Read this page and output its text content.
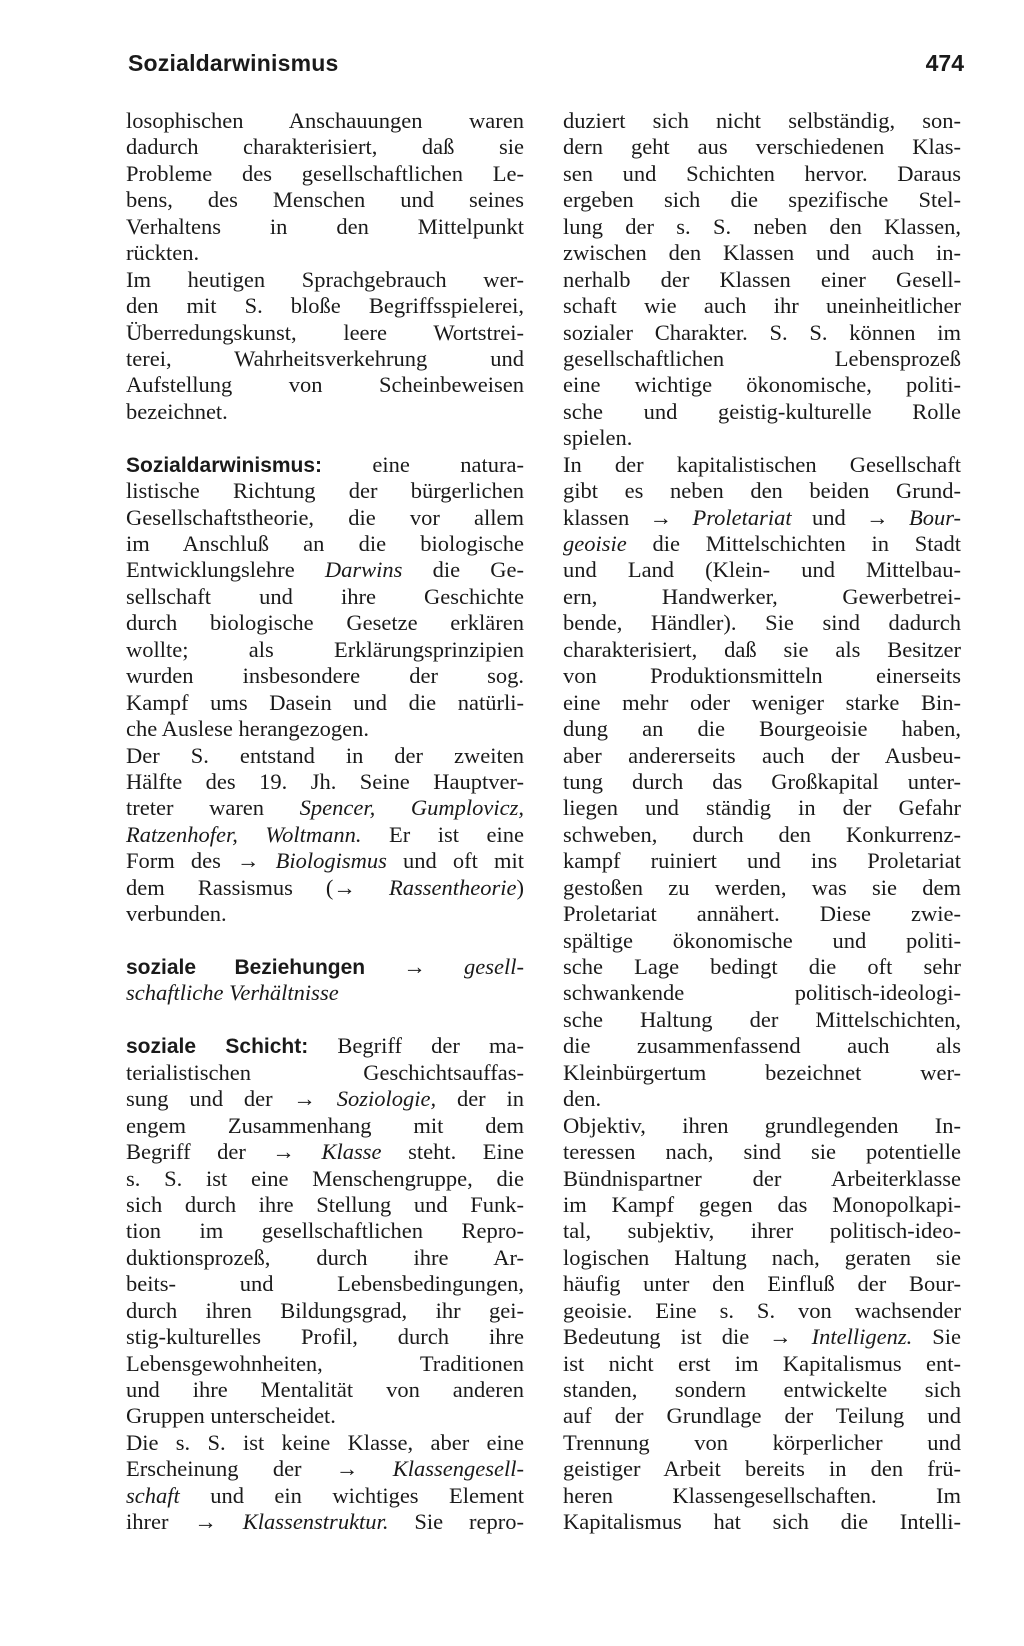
Sozialdarwinismus	474
losophischen Anschauungen waren
dadurch charakterisiert, daß sie
Probleme des gesellschaftlichen Le-
bens, des Menschen und seines
Verhaltens in den Mittelpunkt
rückten.
Im heutigen Sprachgebrauch wer-
den mit S. bloße Begriffsspielerei,
Überredungskunst, leere Wortstrei-
terei, Wahrheitsverkehrung und
Aufstellung von Scheinbeweisen
bezeichnet.
Sozialdarwinismus: eine natura-
listische Richtung der bürgerlichen
Gesellschaftstheorie, die vor allem
im Anschluß an die biologische
Entwicklungslehre Darwins die Ge-
sellschaft und ihre Geschichte
durch biologische Gesetze erklären
wollte; als Erklärungsprinzipien
wurden insbesondere der sog.
Kampf ums Dasein und die natürli-
che Auslese herangezogen.
Der S. entstand in der zweiten
Hälfte des 19. Jh. Seine Hauptver-
treter waren Spencer, Gumplovicz,
Ratzenhofer, Woltmann. Er ist eine
Form des → Biologismus und oft mit
dem Rassismus (→ Rassentheorie)
verbunden.
soziale Beziehungen → gesell-
schaftliche Verhältnisse
soziale Schicht: Begriff der ma-
terialistischen Geschichtsauffas-
sung und der → Soziologie, der in
engem Zusammenhang mit dem
Begriff der → Klasse steht. Eine
s. S. ist eine Menschengruppe, die
sich durch ihre Stellung und Funk-
tion im gesellschaftlichen Repro-
duktionsprozeß, durch ihre Ar-
beits- und Lebensbedingungen,
durch ihren Bildungsgrad, ihr gei-
stig-kulturelles Profil, durch ihre
Lebensgewohnheiten, Traditionen
und ihre Mentalität von anderen
Gruppen unterscheidet.
Die s. S. ist keine Klasse, aber eine
Erscheinung der → Klassengesell-
schaft und ein wichtiges Element
ihrer → Klassenstruktur. Sie repro-
duziert sich nicht selbständig, son-
dern geht aus verschiedenen Klas-
sen und Schichten hervor. Daraus
ergeben sich die spezifische Stel-
lung der s. S. neben den Klassen,
zwischen den Klassen und auch in-
nerhalb der Klassen einer Gesell-
schaft wie auch ihr uneinheitlicher
sozialer Charakter. S. S. können im
gesellschaftlichen Lebensprozeß
eine wichtige ökonomische, politi-
sche und geistig-kulturelle Rolle
spielen.
In der kapitalistischen Gesellschaft
gibt es neben den beiden Grund-
klassen → Proletariat und → Bour-
geoisie die Mittelschichten in Stadt
und Land (Klein- und Mittelbau-
ern, Handwerker, Gewerbetrei-
bende, Händler). Sie sind dadurch
charakterisiert, daß sie als Besitzer
von Produktionsmitteln einerseits
eine mehr oder weniger starke Bin-
dung an die Bourgeoisie haben,
aber andererseits auch der Ausbeu-
tung durch das Großkapital unter-
liegen und ständig in der Gefahr
schweben, durch den Konkurrenz-
kampf ruiniert und ins Proletariat
gestoßen zu werden, was sie dem
Proletariat annähert. Diese zwie-
spältige ökonomische und politi-
sche Lage bedingt die oft sehr
schwankende politisch-ideologi-
sche Haltung der Mittelschichten,
die zusammenfassend auch als
Kleinbürgertum bezeichnet wer-
den.
Objektiv, ihren grundlegenden In-
teressen nach, sind sie potentielle
Bündnispartner der Arbeiterklasse
im Kampf gegen das Monopolkapi-
tal, subjektiv, ihrer politisch-ideo-
logischen Haltung nach, geraten sie
häufig unter den Einfluß der Bour-
geoisie. Eine s. S. von wachsender
Bedeutung ist die → Intelligenz. Sie
ist nicht erst im Kapitalismus ent-
standen, sondern entwickelte sich
auf der Grundlage der Teilung und
Trennung von körperlicher und
geistiger Arbeit bereits in den frü-
heren Klassengesellschaften. Im
Kapitalismus hat sich die Intelli-
